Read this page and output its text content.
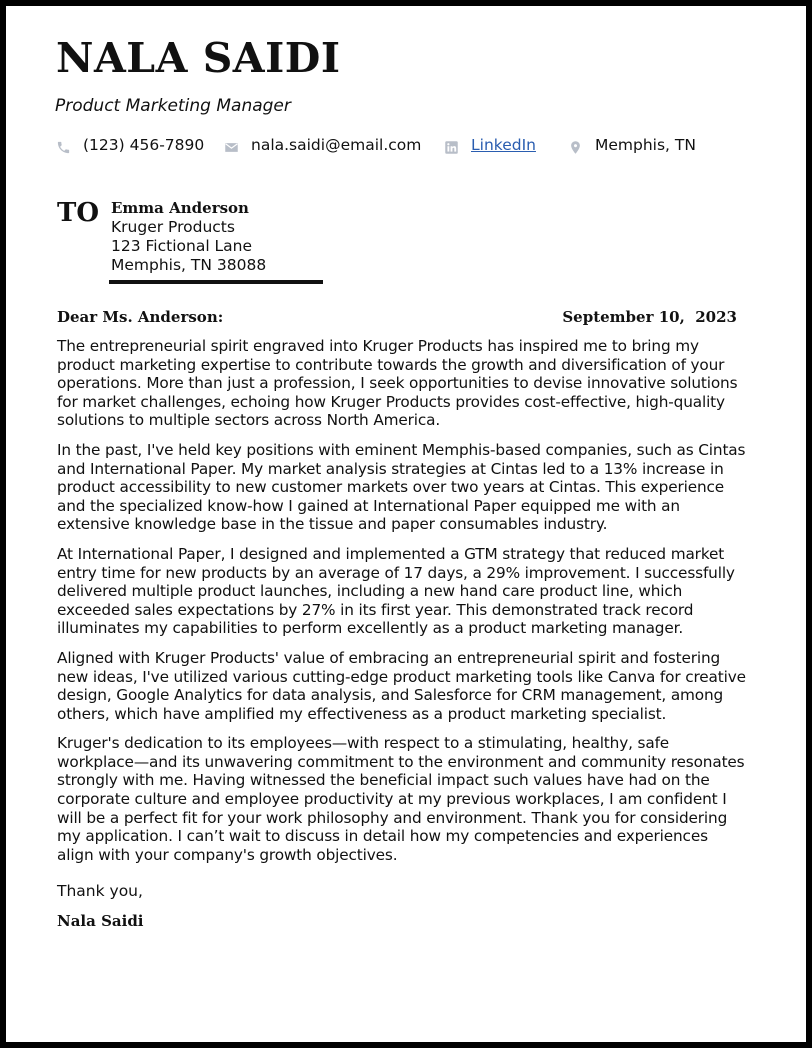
NALA SAIDI

Product Marketing Manager

(123) 456-7890	nala.saidi@email.com	LinkedIn	Memphis, TN
TO Emma Anderson
Kruger Products
123 Fictional Lane
Memphis, TN 38088
Dear Ms. Anderson:	September 10,  2023

The entrepreneurial spirit engraved into Kruger Products has inspired me to bring my product marketing expertise to contribute towards the growth and diversification of your operations. More than just a profession, I seek opportunities to devise innovative solutions for market challenges, echoing how Kruger Products provides cost-effective, high-quality solutions to multiple sectors across North America.

In the past, I've held key positions with eminent Memphis-based companies, such as Cintas and International Paper. My market analysis strategies at Cintas led to a 13% increase in product accessibility to new customer markets over two years at Cintas. This experience and the specialized know-how I gained at International Paper equipped me with an extensive knowledge base in the tissue and paper consumables industry.

At International Paper, I designed and implemented a GTM strategy that reduced market entry time for new products by an average of 17 days, a 29% improvement. I successfully delivered multiple product launches, including a new hand care product line, which exceeded sales expectations by 27% in its first year. This demonstrated track record illuminates my capabilities to perform excellently as a product marketing manager.

Aligned with Kruger Products' value of embracing an entrepreneurial spirit and fostering new ideas, I've utilized various cutting-edge product marketing tools like Canva for creative design, Google Analytics for data analysis, and Salesforce for CRM management, among others, which have amplified my effectiveness as a product marketing specialist.

Kruger's dedication to its employees—with respect to a stimulating, healthy, safe workplace—and its unwavering commitment to the environment and community resonates strongly with me. Having witnessed the beneficial impact such values have had on the corporate culture and employee productivity at my previous workplaces, I am confident I will be a perfect fit for your work philosophy and environment. Thank you for considering my application. I can’t wait to discuss in detail how my competencies and experiences align with your company's growth objectives.

Thank you,
Nala Saidi
